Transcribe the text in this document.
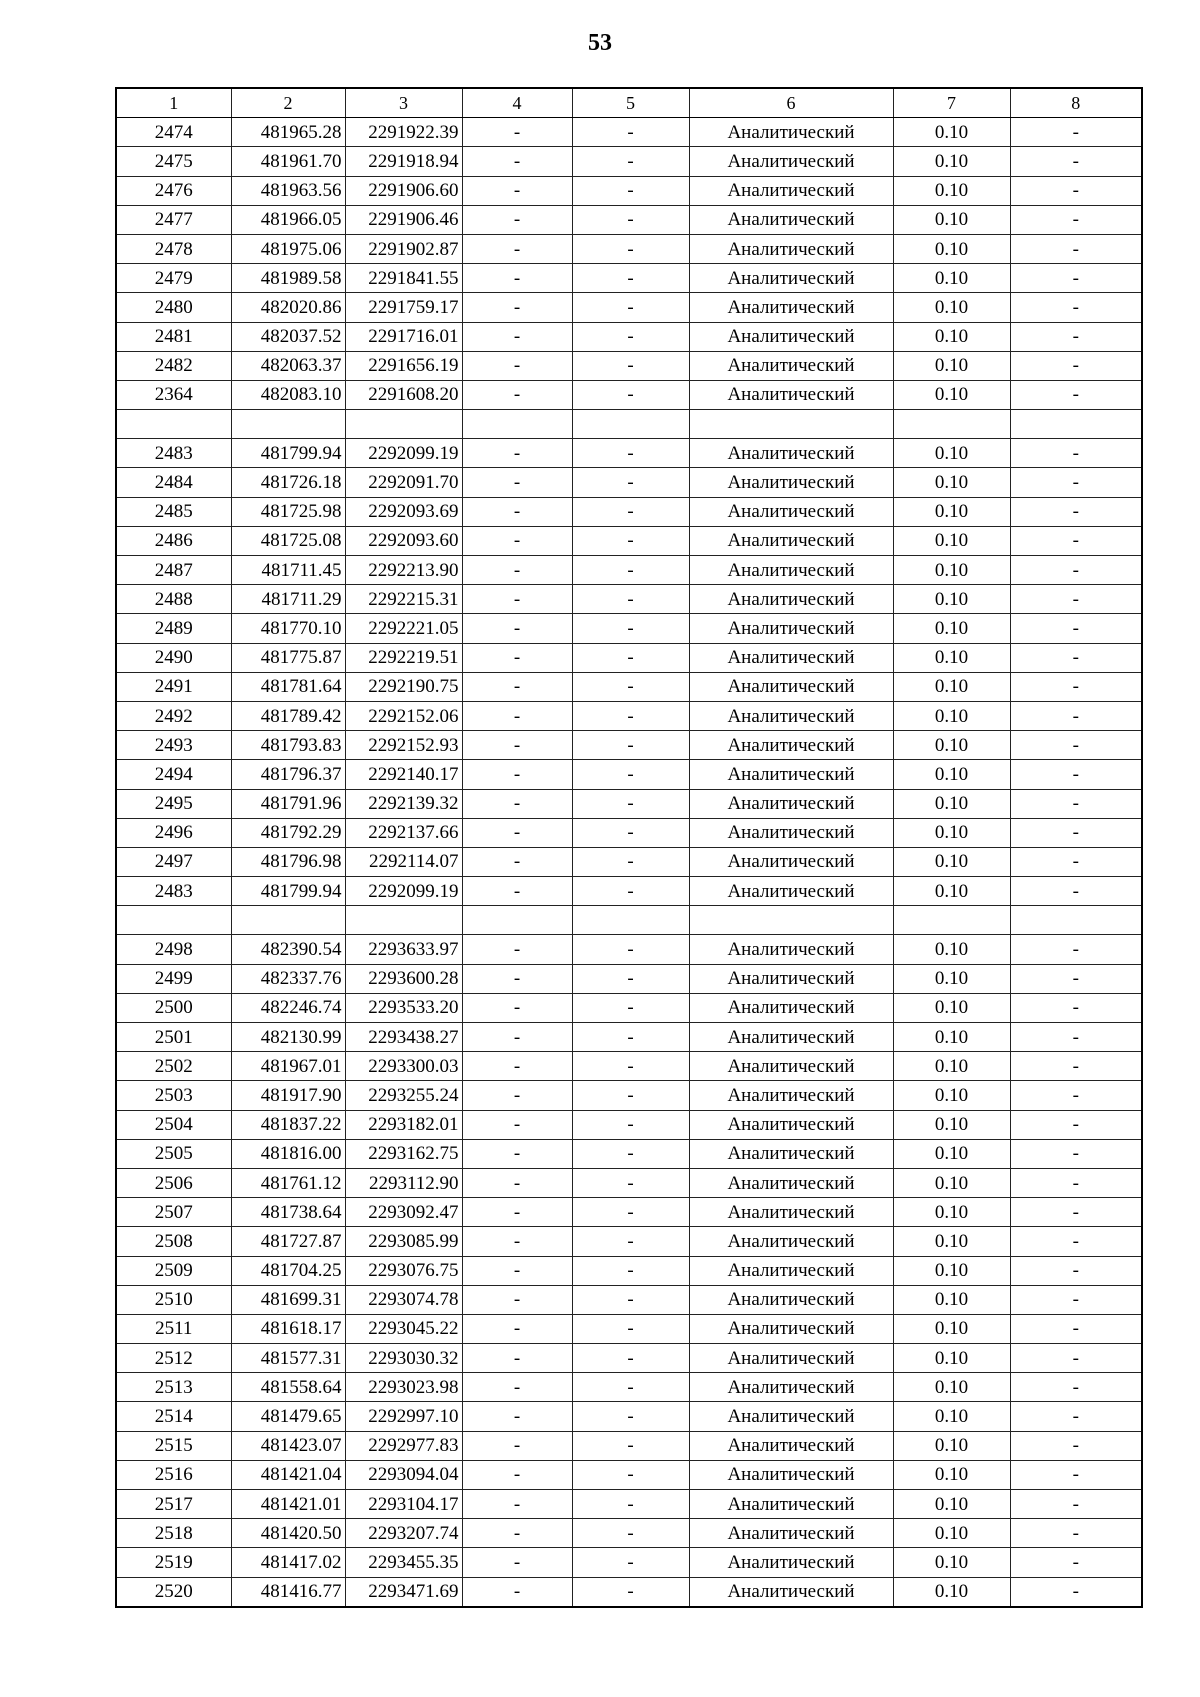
53
1	2	3	4	5	6	7	8
2474	481965.28	2291922.39	-	-	Аналитический	0.10	-
2475	481961.70	2291918.94	-	-	Аналитический	0.10	-
2476	481963.56	2291906.60	-	-	Аналитический	0.10	-
2477	481966.05	2291906.46	-	-	Аналитический	0.10	-
2478	481975.06	2291902.87	-	-	Аналитический	0.10	-
2479	481989.58	2291841.55	-	-	Аналитический	0.10	-
2480	482020.86	2291759.17	-	-	Аналитический	0.10	-
2481	482037.52	2291716.01	-	-	Аналитический	0.10	-
2482	482063.37	2291656.19	-	-	Аналитический	0.10	-
2364	482083.10	2291608.20	-	-	Аналитический	0.10	-

2483	481799.94	2292099.19	-	-	Аналитический	0.10	-
2484	481726.18	2292091.70	-	-	Аналитический	0.10	-
2485	481725.98	2292093.69	-	-	Аналитический	0.10	-
2486	481725.08	2292093.60	-	-	Аналитический	0.10	-
2487	481711.45	2292213.90	-	-	Аналитический	0.10	-
2488	481711.29	2292215.31	-	-	Аналитический	0.10	-
2489	481770.10	2292221.05	-	-	Аналитический	0.10	-
2490	481775.87	2292219.51	-	-	Аналитический	0.10	-
2491	481781.64	2292190.75	-	-	Аналитический	0.10	-
2492	481789.42	2292152.06	-	-	Аналитический	0.10	-
2493	481793.83	2292152.93	-	-	Аналитический	0.10	-
2494	481796.37	2292140.17	-	-	Аналитический	0.10	-
2495	481791.96	2292139.32	-	-	Аналитический	0.10	-
2496	481792.29	2292137.66	-	-	Аналитический	0.10	-
2497	481796.98	2292114.07	-	-	Аналитический	0.10	-
2483	481799.94	2292099.19	-	-	Аналитический	0.10	-

2498	482390.54	2293633.97	-	-	Аналитический	0.10	-
2499	482337.76	2293600.28	-	-	Аналитический	0.10	-
2500	482246.74	2293533.20	-	-	Аналитический	0.10	-
2501	482130.99	2293438.27	-	-	Аналитический	0.10	-
2502	481967.01	2293300.03	-	-	Аналитический	0.10	-
2503	481917.90	2293255.24	-	-	Аналитический	0.10	-
2504	481837.22	2293182.01	-	-	Аналитический	0.10	-
2505	481816.00	2293162.75	-	-	Аналитический	0.10	-
2506	481761.12	2293112.90	-	-	Аналитический	0.10	-
2507	481738.64	2293092.47	-	-	Аналитический	0.10	-
2508	481727.87	2293085.99	-	-	Аналитический	0.10	-
2509	481704.25	2293076.75	-	-	Аналитический	0.10	-
2510	481699.31	2293074.78	-	-	Аналитический	0.10	-
2511	481618.17	2293045.22	-	-	Аналитический	0.10	-
2512	481577.31	2293030.32	-	-	Аналитический	0.10	-
2513	481558.64	2293023.98	-	-	Аналитический	0.10	-
2514	481479.65	2292997.10	-	-	Аналитический	0.10	-
2515	481423.07	2292977.83	-	-	Аналитический	0.10	-
2516	481421.04	2293094.04	-	-	Аналитический	0.10	-
2517	481421.01	2293104.17	-	-	Аналитический	0.10	-
2518	481420.50	2293207.74	-	-	Аналитический	0.10	-
2519	481417.02	2293455.35	-	-	Аналитический	0.10	-
2520	481416.77	2293471.69	-	-	Аналитический	0.10	-
